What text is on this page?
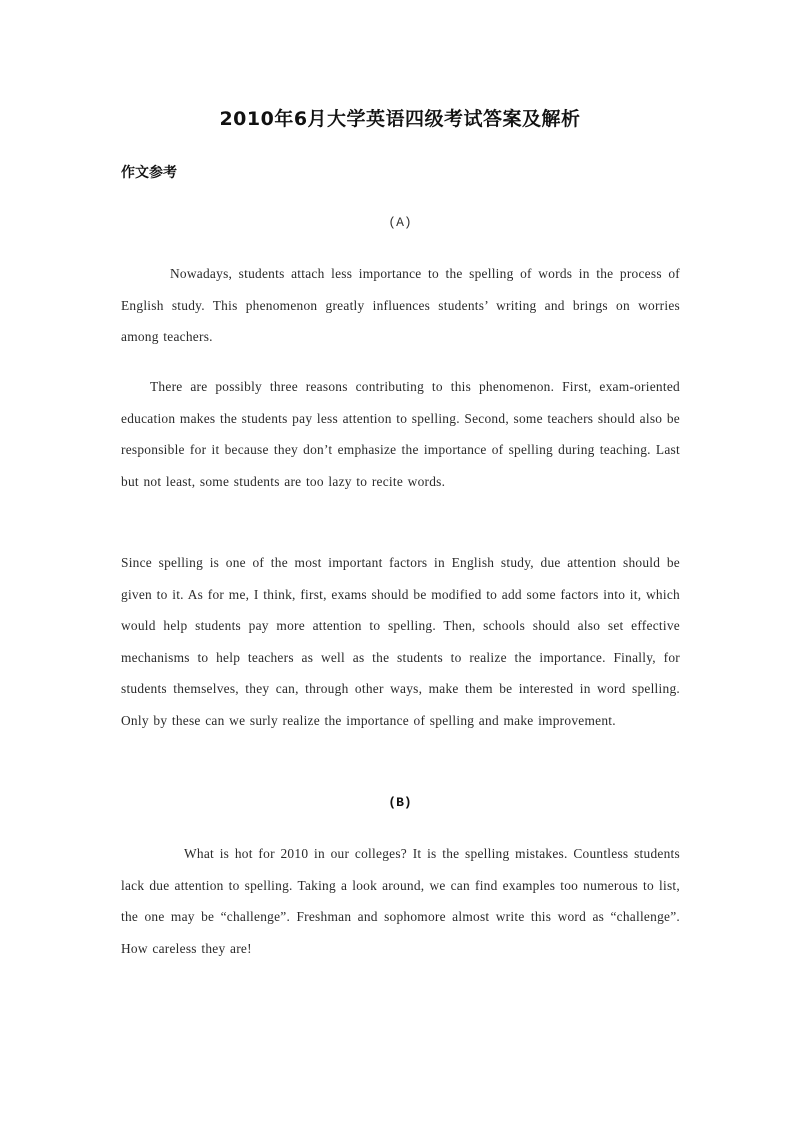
2010年6月大学英语四级考试答案及解析
作文参考
(A)

Nowadays, students attach less importance to the spelling of words in the process of English study. This phenomenon greatly influences students’ writing and brings on worries among teachers.

There are possibly three reasons contributing to this phenomenon. First, exam-oriented education makes the students pay less attention to spelling. Second, some teachers should also be responsible for it because they don’t emphasize the importance of spelling during teaching. Last but not least, some students are too lazy to recite words.

Since spelling is one of the most important factors in English study, due attention should be given to it. As for me, I think, first, exams should be modified to add some factors into it, which would help students pay more attention to spelling. Then, schools should also set effective mechanisms to help teachers as well as the students to realize the importance. Finally, for students themselves, they can, through other ways, make them be interested in word spelling. Only by these can we surly realize the importance of spelling and make improvement.

(B)

What is hot for 2010 in our colleges? It is the spelling mistakes. Countless students lack due attention to spelling. Taking a look around, we can find examples too numerous to list, the one may be “challenge”. Freshman and sophomore almost write this word as “challenge”. How careless they are!
